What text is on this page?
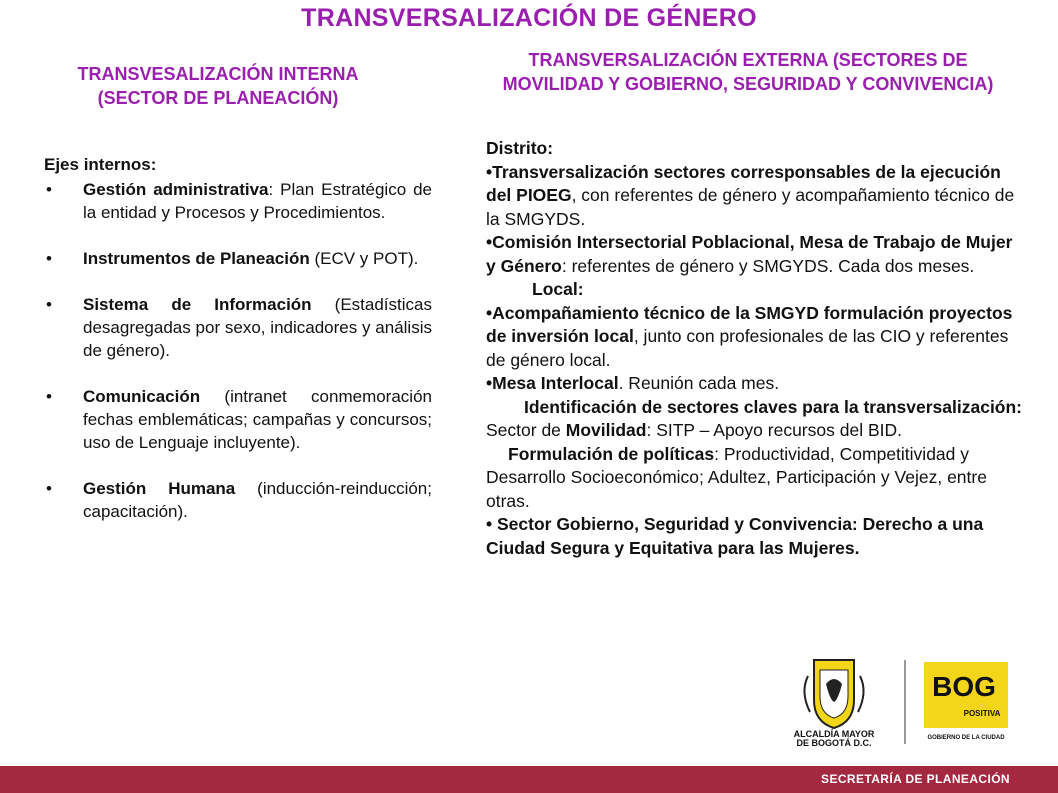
TRANSVERSALIZACIÓN DE GÉNERO
TRANSVESALIZACIÓN INTERNA (SECTOR DE PLANEACIÓN)
TRANSVERSALIZACIÓN EXTERNA (SECTORES DE MOVILIDAD Y GOBIERNO, SEGURIDAD Y CONVIVENCIA)
Ejes internos:
• Gestión administrativa: Plan Estratégico de la entidad y Procesos y Procedimientos.
• Instrumentos de Planeación (ECV y POT).
• Sistema de Información (Estadísticas desagregadas por sexo, indicadores y análisis de género).
• Comunicación (intranet conmemoración fechas emblemáticas; campañas y concursos; uso de Lenguaje incluyente).
• Gestión Humana (inducción-reinducción; capacitación).

Distrito:

•Transversalización sectores corresponsables de la ejecución del PIOEG, con referentes de género y acompañamiento técnico de la SMGYDS.

•Comisión Intersectorial Poblacional, Mesa de Trabajo de Mujer y Género: referentes de género y SMGYDS. Cada dos meses.

Local:

•Acompañamiento técnico de la SMGYD formulación proyectos de inversión local, junto con profesionales de las CIO y referentes de género local.

•Mesa Interlocal. Reunión cada mes.

Identificación de sectores claves para la transversalización: Sector de Movilidad: SITP – Apoyo recursos del BID.

Formulación de políticas: Productividad, Competitividad y Desarrollo Socioeconómico; Adultez, Participación y Vejez, entre otras.

• Sector Gobierno, Seguridad y Convivencia: Derecho a una Ciudad Segura y Equitativa para las Mujeres.

ALCALDÍA MAYOR
DE BOGOTÁ D.C.
BOG
POSITIVA
GOBIERNO DE LA CIUDAD
SECRETARÍA DE PLANEACIÓN
